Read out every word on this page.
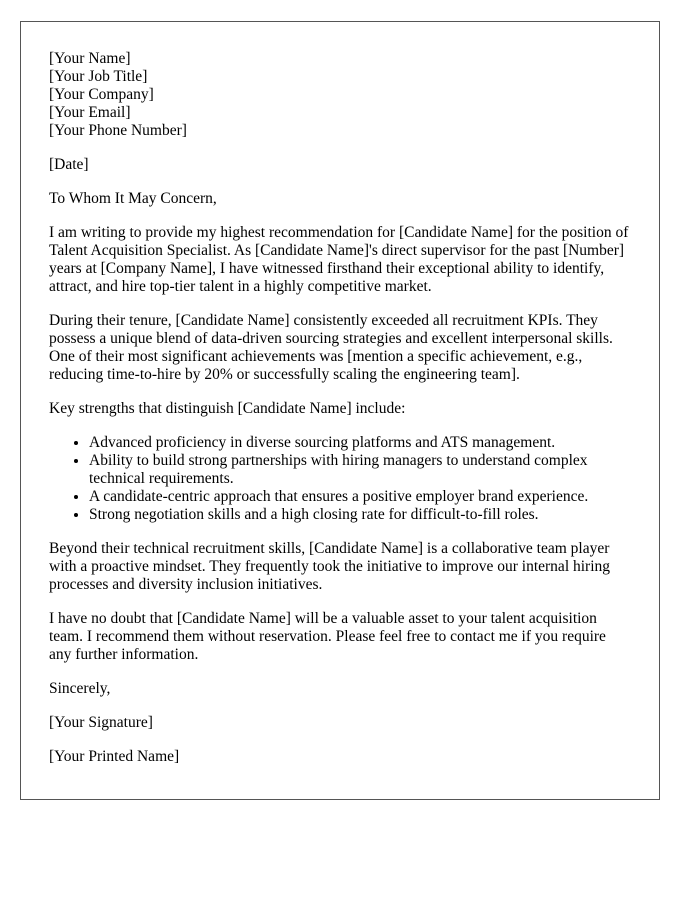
[Your Name]
[Your Job Title]
[Your Company]
[Your Email]
[Your Phone Number]

[Date]

To Whom It May Concern,

I am writing to provide my highest recommendation for [Candidate Name] for the position of Talent Acquisition Specialist. As [Candidate Name]'s direct supervisor for the past [Number] years at [Company Name], I have witnessed firsthand their exceptional ability to identify, attract, and hire top-tier talent in a highly competitive market.

During their tenure, [Candidate Name] consistently exceeded all recruitment KPIs. They possess a unique blend of data-driven sourcing strategies and excellent interpersonal skills. One of their most significant achievements was [mention a specific achievement, e.g., reducing time-to-hire by 20% or successfully scaling the engineering team].

Key strengths that distinguish [Candidate Name] include:

• Advanced proficiency in diverse sourcing platforms and ATS management.
• Ability to build strong partnerships with hiring managers to understand complex technical requirements.
• A candidate-centric approach that ensures a positive employer brand experience.
• Strong negotiation skills and a high closing rate for difficult-to-fill roles.

Beyond their technical recruitment skills, [Candidate Name] is a collaborative team player with a proactive mindset. They frequently took the initiative to improve our internal hiring processes and diversity inclusion initiatives.

I have no doubt that [Candidate Name] will be a valuable asset to your talent acquisition team. I recommend them without reservation. Please feel free to contact me if you require any further information.

Sincerely,

[Your Signature]

[Your Printed Name]
